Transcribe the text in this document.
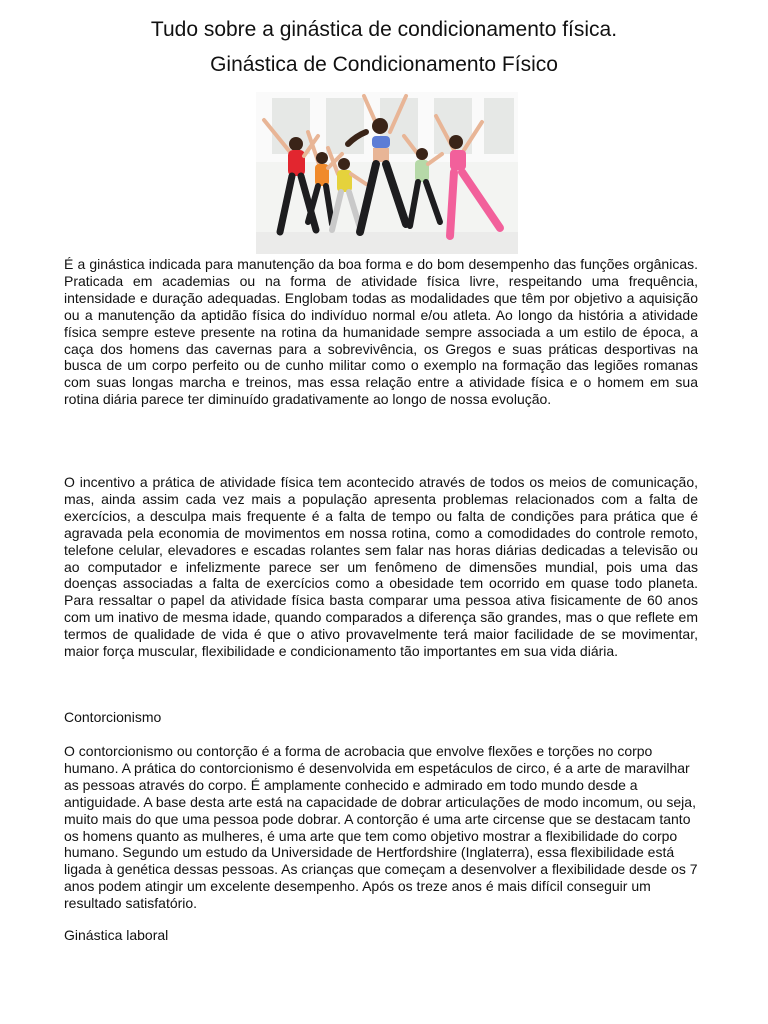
Tudo sobre a ginástica de condicionamento física.
Ginástica de Condicionamento Físico

É a ginástica indicada para manutenção da boa forma e do bom desempenho das funções orgânicas. Praticada em academias ou na forma de atividade física livre, respeitando uma frequência, intensidade e duração adequadas. Englobam todas as modalidades que têm por objetivo a aquisição ou a manutenção da aptidão física do indivíduo normal e/ou atleta. Ao longo da história a atividade física sempre esteve presente na rotina da humanidade sempre associada a um estilo de época, a caça dos homens das cavernas para a sobrevivência, os Gregos e suas práticas desportivas na busca de um corpo perfeito ou de cunho militar como o exemplo na formação das legiões romanas com suas longas marcha e treinos, mas essa relação entre a atividade física e o homem em sua rotina diária parece ter diminuído gradativamente ao longo de nossa evolução.

O incentivo a prática de atividade física tem acontecido através de todos os meios de comunicação, mas, ainda assim cada vez mais a população apresenta problemas relacionados com a falta de exercícios, a desculpa mais frequente é a falta de tempo ou falta de condições para prática que é agravada pela economia de movimentos em nossa rotina, como a comodidades do controle remoto, telefone celular, elevadores e escadas rolantes sem falar nas horas diárias dedicadas a televisão ou ao computador e infelizmente parece ser um fenômeno de dimensões mundial, pois uma das doenças associadas a falta de exercícios como a obesidade tem ocorrido em quase todo planeta. Para ressaltar o papel da atividade física basta comparar uma pessoa ativa fisicamente de 60 anos com um inativo de mesma idade, quando comparados a diferença são grandes, mas o que reflete em termos de qualidade de vida é que o ativo provavelmente terá maior facilidade de se movimentar, maior força muscular, flexibilidade e condicionamento tão importantes em sua vida diária.

Contorcionismo

O contorcionismo ou contorção é a forma de acrobacia que envolve flexões e torções no corpo humano. A prática do contorcionismo é desenvolvida em espetáculos de circo, é a arte de maravilhar as pessoas através do corpo. É amplamente conhecido e admirado em todo mundo desde a antiguidade. A base desta arte está na capacidade de dobrar articulações de modo incomum, ou seja, muito mais do que uma pessoa pode dobrar. A contorção é uma arte circense que se destacam tanto os homens quanto as mulheres, é uma arte que tem como objetivo mostrar a flexibilidade do corpo humano. Segundo um estudo da Universidade de Hertfordshire (Inglaterra), essa flexibilidade está ligada à genética dessas pessoas. As crianças que começam a desenvolver a flexibilidade desde os 7 anos podem atingir um excelente desempenho. Após os treze anos é mais difícil conseguir um resultado satisfatório.

Ginástica laboral
